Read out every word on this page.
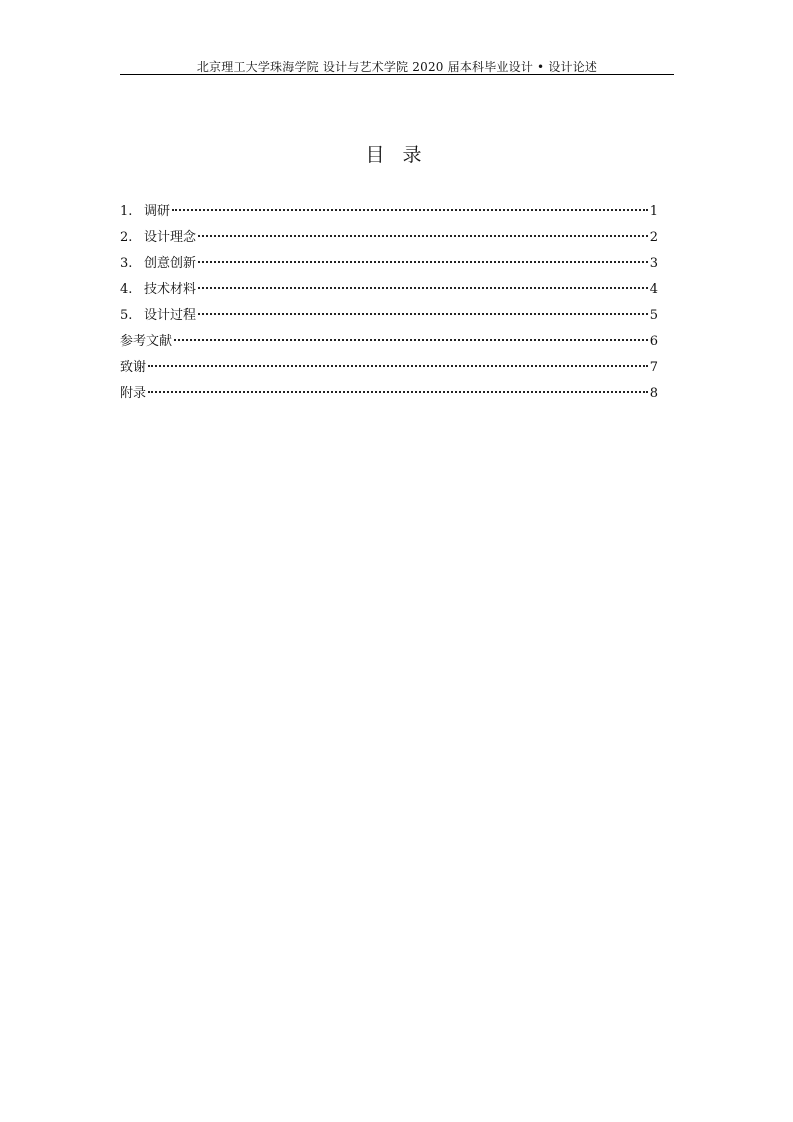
北京理工大学珠海学院 设计与艺术学院 2020 届本科毕业设计 • 设计论述
目 录
1. 调研	1
2. 设计理念	2
3. 创意创新	3
4. 技术材料	4
5. 设计过程	5
参考文献	6
致谢	7
附录	8
